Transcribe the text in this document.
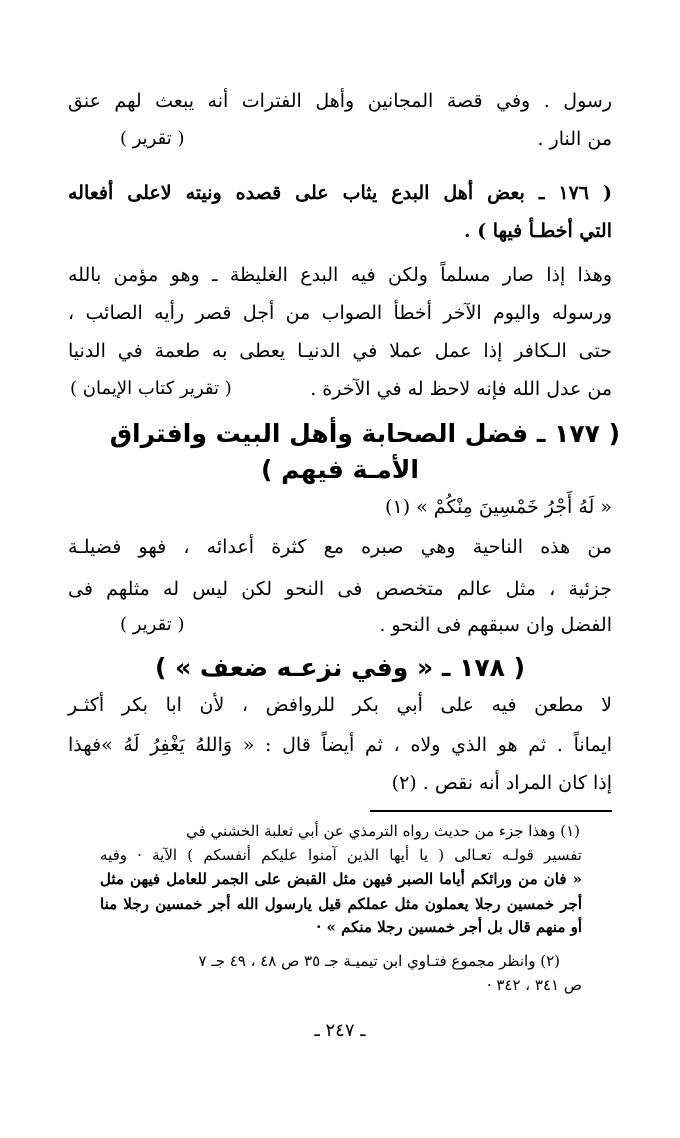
رسول . وفي قصة المجانين وأهل الفترات أنه يبعث لهم عنق
من النار .
( تقرير )
( ١٧٦ ـ بعض أهل البدع يثاب على قصده ونيته لاعلى أفعاله
التي أخطـأ فيها ) .
وهذا إذا صار مسلماً ولكن فيه البدع الغليظة ـ وهو مؤمن بالله
ورسوله واليوم الآخر أخطأ الصواب من أجل قصر رأيه الصائب ،
حتى الـكافر إذا عمل عملا في الدنيـا يعطى به طعمة في الدنيا
من عدل الله فإنه لاحظ له في الآخرة .
( تقرير كتاب الإيمان )
( ١٧٧ ـ فضل الصحابة وأهل البيت وافتراق
الأمـة فيهم )
« لَهُ أَجْرُ خَمْسِينَ مِنْكُمْ » (١)
من هذه الناحية وهي صبره مع كثرة أعدائه ، فهو فضيلـة
جزئية ، مثل عالم متخصص فى النحو لكن ليس له مثلهم فى
الفضل وان سبقهم فى النحو .
( تقرير )
( ١٧٨ ـ « وفي نزعـه ضعف » )
لا مطعن فيه على أبي بكر للروافض ، لأن ابا بكر أكثـر
ايماناً . ثم هو الذي ولاه ، ثم أيضاً قال : « وَاللهُ يَغْفِرُ لَهُ »فهذا
إذا كان المراد أنه نقص . (٢)
(١) وهذا جزء من حديث رواه الترمذي عن أبي ثعلبة الخشني في
تفسير قولـه تعـالى ( يا أيها الذين آمنوا عليكم أنفسكم ) الآية · وفيه
« فان من ورائكم أياما الصبر فيهن مثل القبض على الجمر للعامل فيهن مثل
أجر خمسين رجلا يعملون مثل عملكم قيل يارسول الله أجر خمسين رجلا منا
أو منهم قال بل أجر خمسين رجلا منكم » ·
(٢) وانظر مجموع فتـاوي ابن تيميـة جـ ٣٥ ص ٤٨ ، ٤٩ جـ ٧
ص ٣٤١ ، ٣٤٢ ·
ـ ٢٤٧ ـ
